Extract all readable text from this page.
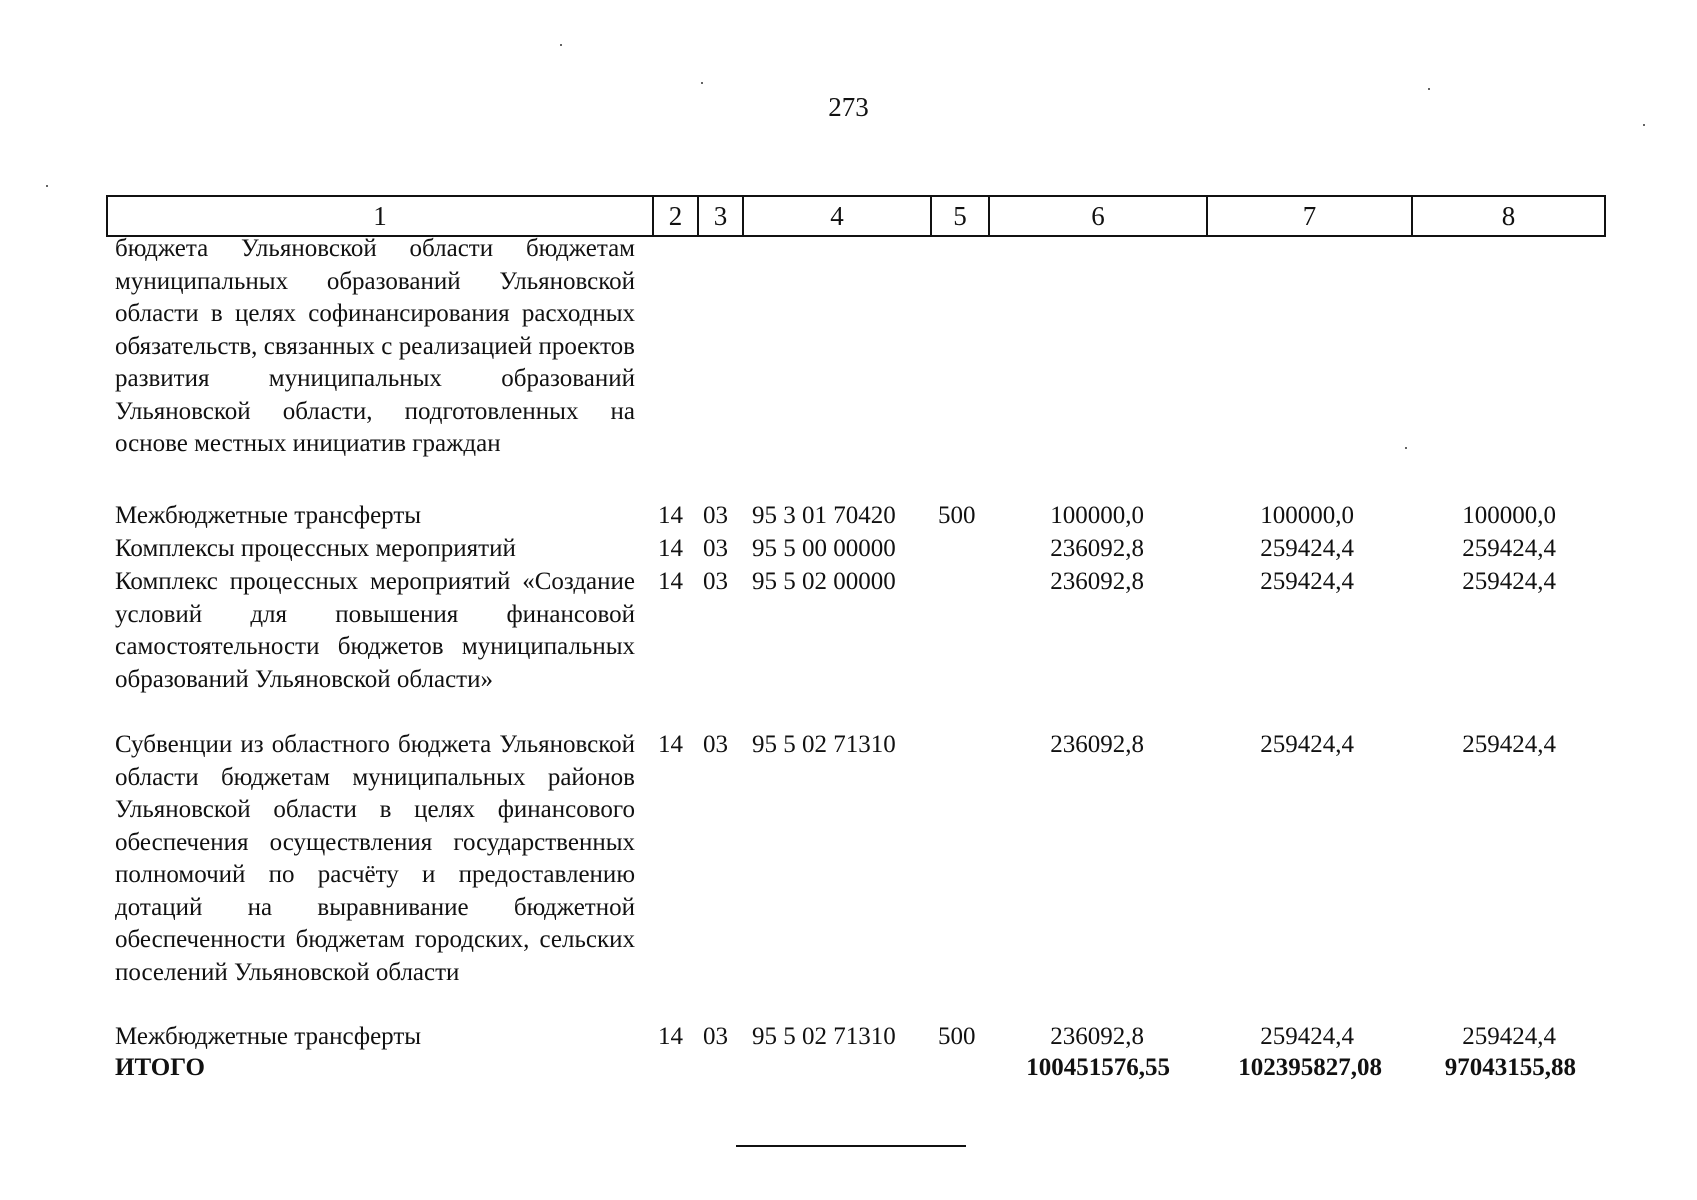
273
1	2	3	4	5	6	7	8
бюджета Ульяновской области бюджетам муниципальных образований Ульяновской области в целях софинансирования расходных обязательств, связанных с реализацией проектов развития муниципальных образований Ульяновской области, подготовленных на основе местных инициатив граждан
Межбюджетные трансферты	14 03 95 3 01 70420 500	100000,0	100000,0	100000,0
Комплексы процессных мероприятий	14 03 95 5 00 00000	236092,8	259424,4	259424,4
Комплекс процессных мероприятий «Создание условий для повышения финансовой самостоятельности бюджетов муниципальных образований Ульяновской области»
14 03 95 5 02 00000	236092,8	259424,4	259424,4
Субвенции из областного бюджета Ульяновской области бюджетам муниципальных районов Ульяновской области в целях финансового обеспечения осуществления государственных полномочий по расчёту и предоставлению дотаций на выравнивание бюджетной обеспеченности бюджетам городских, сельских поселений Ульяновской области
14 03 95 5 02 71310	236092,8	259424,4	259424,4
Межбюджетные трансферты	14 03 95 5 02 71310 500	236092,8	259424,4	259424,4
ИТОГО	100451576,55	102395827,08	97043155,88
